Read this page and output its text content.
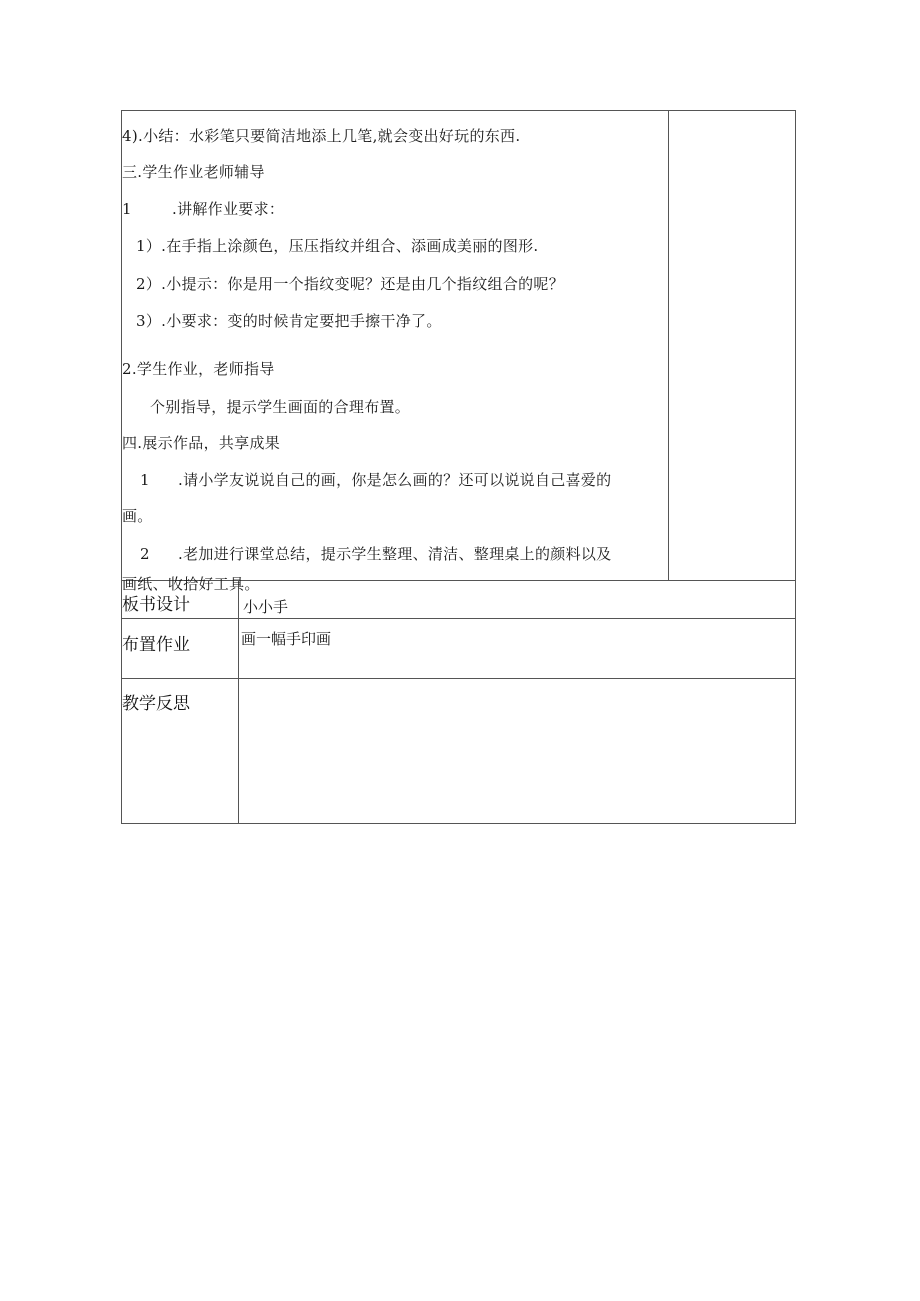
4).小结：水彩笔只要简洁地添上几笔,就会变出好玩的东西.
三.学生作业老师辅导
1	.讲解作业要求：
1）.在手指上涂颜色，压压指纹并组合、添画成美丽的图形.
2）.小提示：你是用一个指纹变呢？还是由几个指纹组合的呢？
3）.小要求：变的时候肯定要把手擦干净了。
2.学生作业，老师指导
个别指导，提示学生画面的合理布置。
四.展示作品，共享成果
1 .请小学友说说自己的画，你是怎么画的？还可以说说自己喜爱的
画。
2 .老加进行课堂总结，提示学生整理、清洁、整理桌上的颜料以及
画纸、收拾好工具。
板书设计	小小手
布置作业	画一幅手印画
教学反思
